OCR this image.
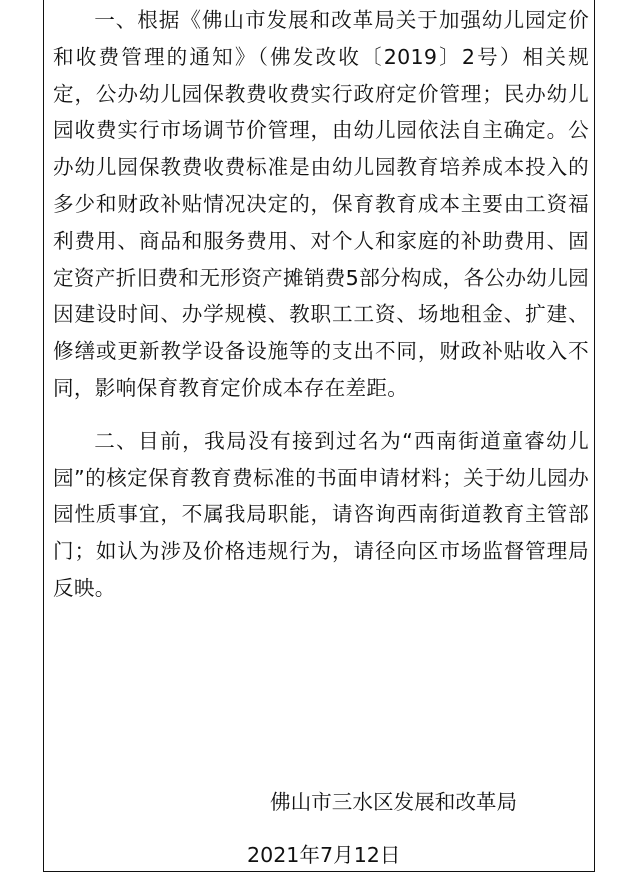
一、根据《佛山市发展和改革局关于加强幼儿园定价和收费管理的通知》（佛发改收〔2019〕2号）相关规定，公办幼儿园保教费收费实行政府定价管理；民办幼儿园收费实行市场调节价管理，由幼儿园依法自主确定。公办幼儿园保教费收费标准是由幼儿园教育培养成本投入的多少和财政补贴情况决定的，保育教育成本主要由工资福利费用、商品和服务费用、对个人和家庭的补助费用、固定资产折旧费和无形资产摊销费5部分构成，各公办幼儿园因建设时间、办学规模、教职工工资、场地租金、扩建、修缮或更新教学设备设施等的支出不同，财政补贴收入不同，影响保育教育定价成本存在差距。

二、目前，我局没有接到过名为“西南街道童睿幼儿园”的核定保育教育费标准的书面申请材料；关于幼儿园办园性质事宜，不属我局职能，请咨询西南街道教育主管部门；如认为涉及价格违规行为，请径向区市场监督管理局反映。

佛山市三水区发展和改革局
2021年7月12日
